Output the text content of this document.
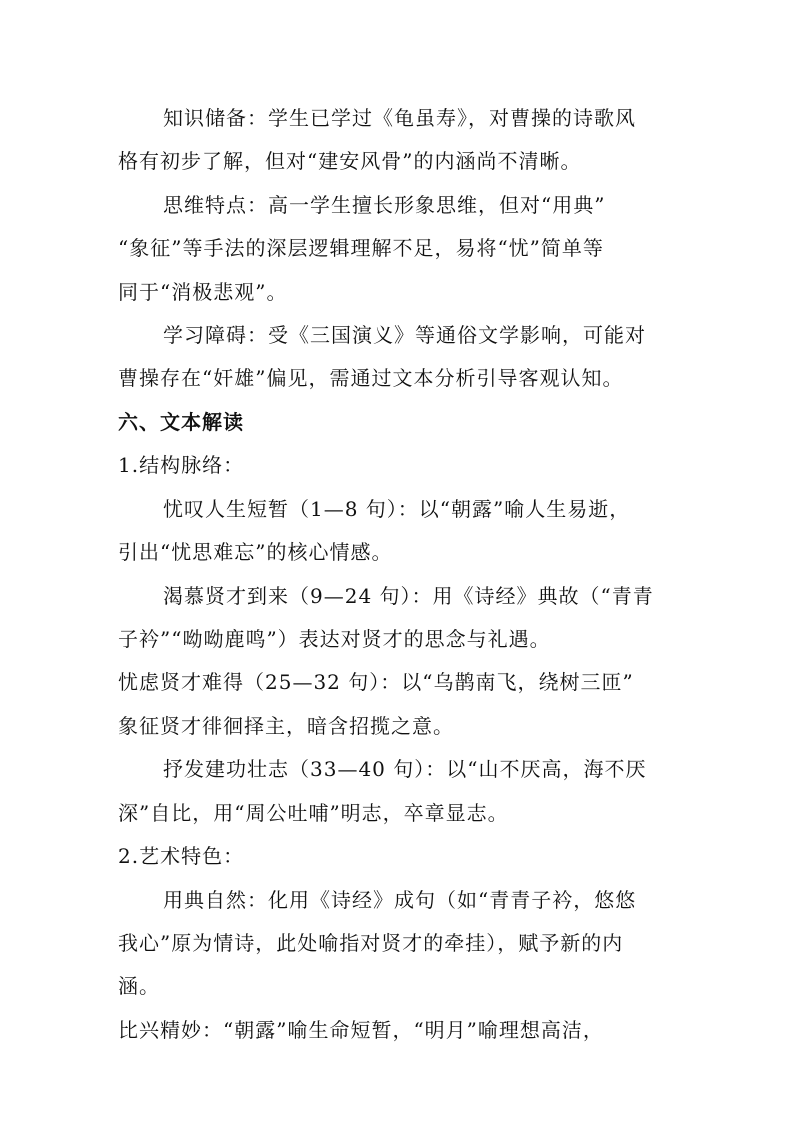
知识储备：学生已学过《龟虽寿》，对曹操的诗歌风
格有初步了解，但对“建安风骨”的内涵尚不清晰。
思维特点：高一学生擅长形象思维，但对“用典”
“象征”等手法的深层逻辑理解不足，易将“忧”简单等
同于“消极悲观”。
学习障碍：受《三国演义》等通俗文学影响，可能对
曹操存在“奸雄”偏见，需通过文本分析引导客观认知。
六、文本解读
1.结构脉络：
忧叹人生短暂（1—8 句）：以“朝露”喻人生易逝，
引出“忧思难忘”的核心情感。
渴慕贤才到来（9—24 句）：用《诗经》典故（“青青
子衿”“呦呦鹿鸣”）表达对贤才的思念与礼遇。
忧虑贤才难得（25—32 句）：以“乌鹊南飞，绕树三匝”
象征贤才徘徊择主，暗含招揽之意。
抒发建功壮志（33—40 句）：以“山不厌高，海不厌
深”自比，用“周公吐哺”明志，卒章显志。
2.艺术特色：
用典自然：化用《诗经》成句（如“青青子衿，悠悠
我心”原为情诗，此处喻指对贤才的牵挂），赋予新的内
涵。
比兴精妙：“朝露”喻生命短暂，“明月”喻理想高洁，
